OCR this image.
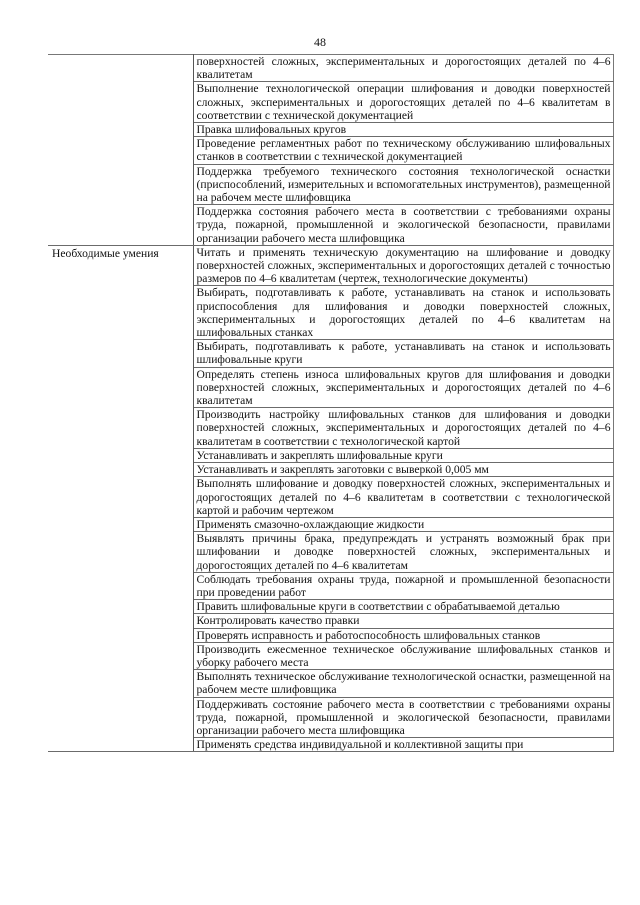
48
	поверхностей сложных, экспериментальных и дорогостоящих деталей по 4–6 квалитетам
	Выполнение технологической операции шлифования и доводки поверхностей сложных, экспериментальных и дорогостоящих деталей по 4–6 квалитетам в соответствии с технической документацией
	Правка шлифовальных кругов
	Проведение регламентных работ по техническому обслуживанию шлифовальных станков в соответствии с технической документацией
	Поддержка требуемого технического состояния технологической оснастки (приспособлений, измерительных и вспомогательных инструментов), размещенной на рабочем месте шлифовщика
	Поддержка состояния рабочего места в соответствии с требованиями охраны труда, пожарной, промышленной и экологической безопасности, правилами организации рабочего места шлифовщика
Необходимые умения	Читать и применять техническую документацию на шлифование и доводку поверхностей сложных, экспериментальных и дорогостоящих деталей с точностью размеров по 4–6 квалитетам (чертеж, технологические документы)
	Выбирать, подготавливать к работе, устанавливать на станок и использовать приспособления для шлифования и доводки поверхностей сложных, экспериментальных и дорогостоящих деталей по 4–6 квалитетам на шлифовальных станках
	Выбирать, подготавливать к работе, устанавливать на станок и использовать шлифовальные круги
	Определять степень износа шлифовальных кругов для шлифования и доводки поверхностей сложных, экспериментальных и дорогостоящих деталей по 4–6 квалитетам
	Производить настройку шлифовальных станков для шлифования и доводки поверхностей сложных, экспериментальных и дорогостоящих деталей по 4–6 квалитетам в соответствии с технологической картой
	Устанавливать и закреплять шлифовальные круги
	Устанавливать и закреплять заготовки с выверкой 0,005 мм
	Выполнять шлифование и доводку поверхностей сложных, экспериментальных и дорогостоящих деталей по 4–6 квалитетам в соответствии с технологической картой и рабочим чертежом
	Применять смазочно-охлаждающие жидкости
	Выявлять причины брака, предупреждать и устранять возможный брак при шлифовании и доводке поверхностей сложных, экспериментальных и дорогостоящих деталей по 4–6 квалитетам
	Соблюдать требования охраны труда, пожарной и промышленной безопасности при проведении работ
	Править шлифовальные круги в соответствии с обрабатываемой деталью
	Контролировать качество правки
	Проверять исправность и работоспособность шлифовальных станков
	Производить ежесменное техническое обслуживание шлифовальных станков и уборку рабочего места
	Выполнять техническое обслуживание технологической оснастки, размещенной на рабочем месте шлифовщика
	Поддерживать состояние рабочего места в соответствии с требованиями охраны труда, пожарной, промышленной и экологической безопасности, правилами организации рабочего места шлифовщика
	Применять средства индивидуальной и коллективной защиты при
